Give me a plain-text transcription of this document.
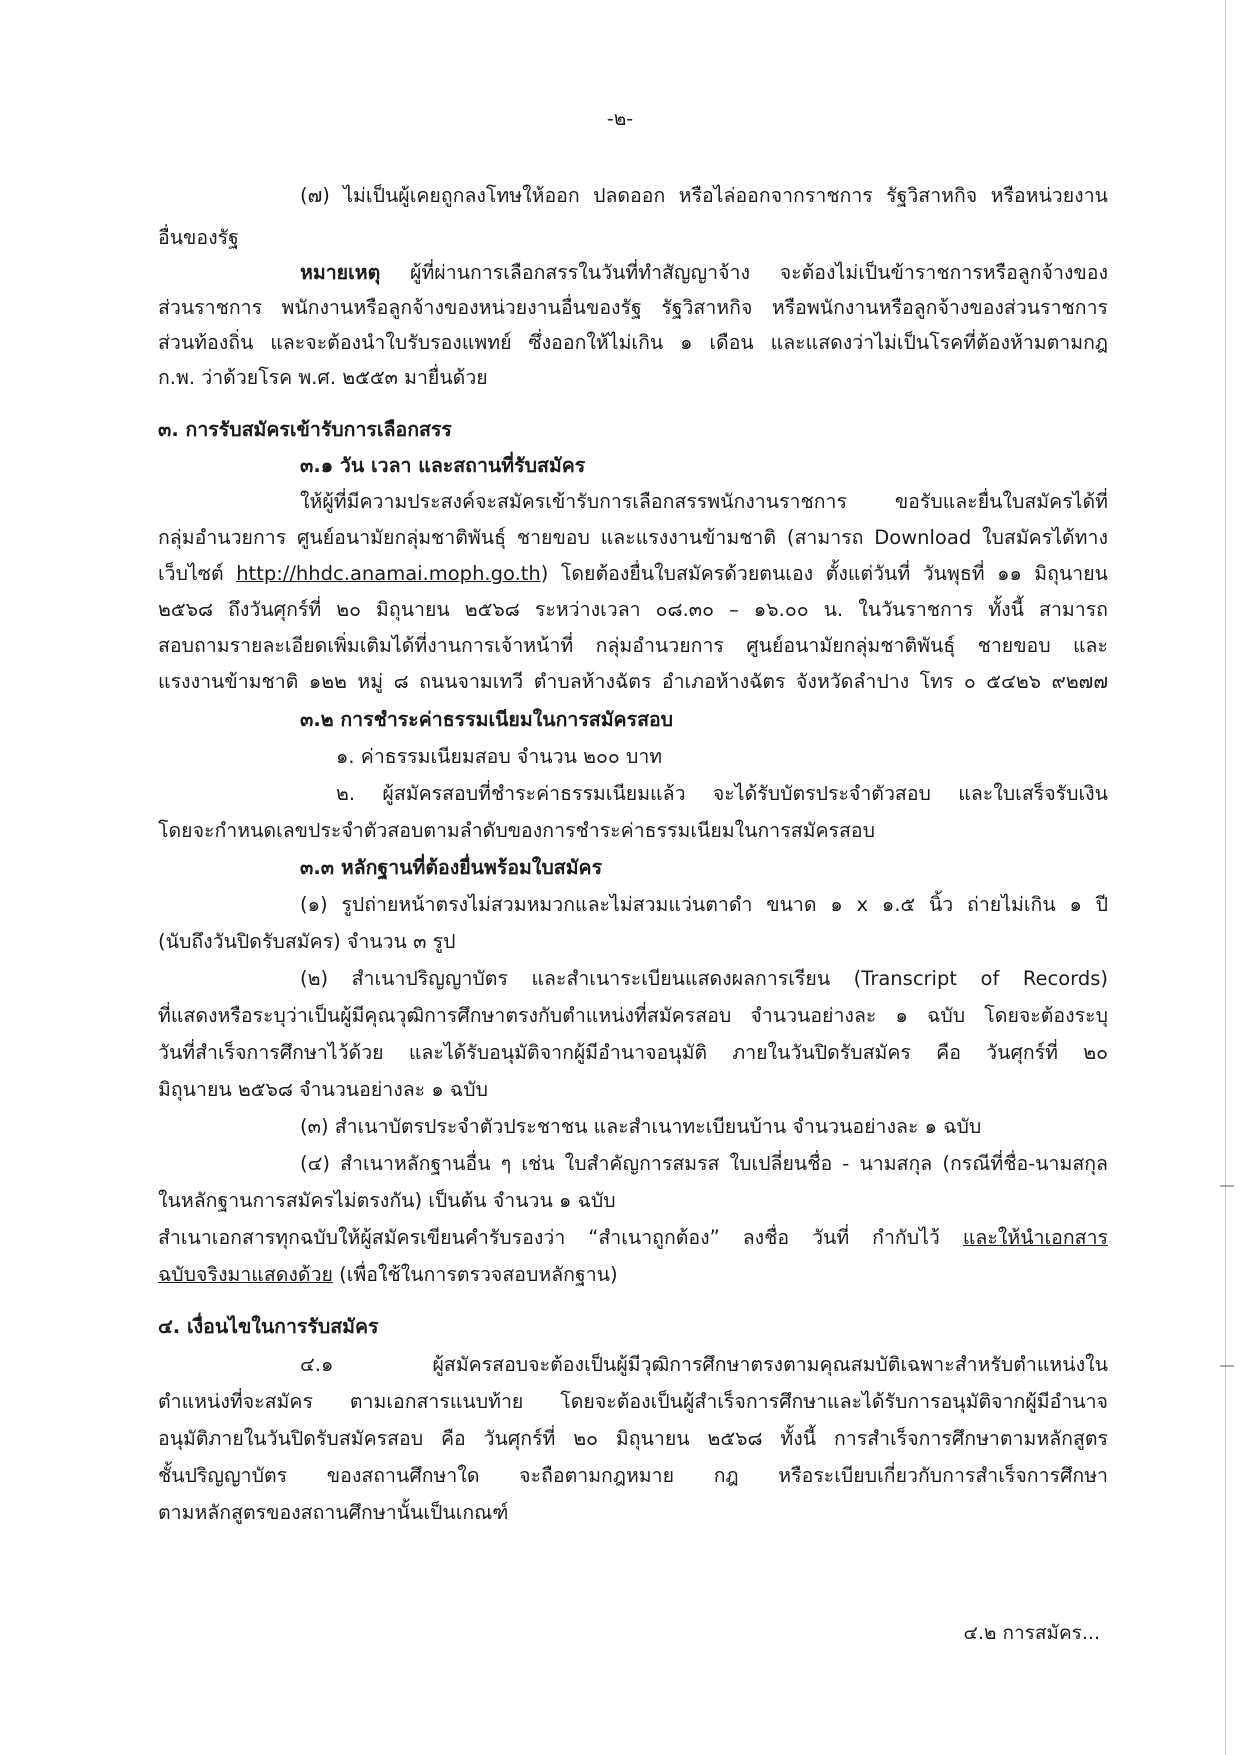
-๒-
(๗) ไม่เป็นผู้เคยถูกลงโทษให้ออก ปลดออก หรือไล่ออกจากราชการ รัฐวิสาหกิจ หรือหน่วยงาน
อื่นของรัฐ
หมายเหตุ ผู้ที่ผ่านการเลือกสรรในวันที่ทำสัญญาจ้าง จะต้องไม่เป็นข้าราชการหรือลูกจ้างของ
ส่วนราชการ พนักงานหรือลูกจ้างของหน่วยงานอื่นของรัฐ รัฐวิสาหกิจ หรือพนักงานหรือลูกจ้างของส่วนราชการ
ส่วนท้องถิ่น และจะต้องนำใบรับรองแพทย์ ซึ่งออกให้ไม่เกิน ๑ เดือน และแสดงว่าไม่เป็นโรคที่ต้องห้ามตามกฎ
ก.พ. ว่าด้วยโรค พ.ศ. ๒๕๕๓ มายื่นด้วย
๓. การรับสมัครเข้ารับการเลือกสรร
๓.๑ วัน เวลา และสถานที่รับสมัคร
ให้ผู้ที่มีความประสงค์จะสมัครเข้ารับการเลือกสรรพนักงานราชการ ขอรับและยื่นใบสมัครได้ที่
กลุ่มอำนวยการ ศูนย์อนามัยกลุ่มชาติพันธุ์ ชายขอบ และแรงงานข้ามชาติ (สามารถ Download ใบสมัครได้ทาง
เว็บไซต์ http://hhdc.anamai.moph.go.th) โดยต้องยื่นใบสมัครด้วยตนเอง ตั้งแต่วันที่ วันพุธที่ ๑๑ มิถุนายน
๒๕๖๘ ถึงวันศุกร์ที่ ๒๐ มิถุนายน ๒๕๖๘ ระหว่างเวลา ๐๘.๓๐ – ๑๖.๐๐ น. ในวันราชการ ทั้งนี้ สามารถ
สอบถามรายละเอียดเพิ่มเติมได้ที่งานการเจ้าหน้าที่ กลุ่มอำนวยการ ศูนย์อนามัยกลุ่มชาติพันธุ์ ชายขอบ และ
แรงงานข้ามชาติ ๑๒๒ หมู่ ๘ ถนนจามเทวี ตำบลห้างฉัตร อำเภอห้างฉัตร จังหวัดลำปาง โทร ๐ ๕๔๒๖ ๙๒๗๗
๓.๒ การชำระค่าธรรมเนียมในการสมัครสอบ
๑. ค่าธรรมเนียมสอบ จำนวน ๒๐๐ บาท
๒. ผู้สมัครสอบที่ชำระค่าธรรมเนียมแล้ว จะได้รับบัตรประจำตัวสอบ และใบเสร็จรับเงิน
โดยจะกำหนดเลขประจำตัวสอบตามลำดับของการชำระค่าธรรมเนียมในการสมัครสอบ
๓.๓ หลักฐานที่ต้องยื่นพร้อมใบสมัคร
(๑) รูปถ่ายหน้าตรงไม่สวมหมวกและไม่สวมแว่นตาดำ ขนาด ๑ x ๑.๕ นิ้ว ถ่ายไม่เกิน ๑ ปี
(นับถึงวันปิดรับสมัคร) จำนวน ๓ รูป
(๒) สำเนาปริญญาบัตร และสำเนาระเบียนแสดงผลการเรียน (Transcript of Records)
ที่แสดงหรือระบุว่าเป็นผู้มีคุณวุฒิการศึกษาตรงกับตำแหน่งที่สมัครสอบ จำนวนอย่างละ ๑ ฉบับ โดยจะต้องระบุ
วันที่สำเร็จการศึกษาไว้ด้วย และได้รับอนุมัติจากผู้มีอำนาจอนุมัติ ภายในวันปิดรับสมัคร คือ วันศุกร์ที่ ๒๐
มิถุนายน ๒๕๖๘ จำนวนอย่างละ ๑ ฉบับ
(๓) สำเนาบัตรประจำตัวประชาชน และสำเนาทะเบียนบ้าน จำนวนอย่างละ ๑ ฉบับ
(๔) สำเนาหลักฐานอื่น ๆ เช่น ใบสำคัญการสมรส ใบเปลี่ยนชื่อ - นามสกุล (กรณีที่ชื่อ-นามสกุล
ในหลักฐานการสมัครไม่ตรงกัน) เป็นต้น จำนวน ๑ ฉบับ
สำเนาเอกสารทุกฉบับให้ผู้สมัครเขียนคำรับรองว่า “สำเนาถูกต้อง” ลงชื่อ วันที่ กำกับไว้ และให้นำเอกสาร
ฉบับจริงมาแสดงด้วย (เพื่อใช้ในการตรวจสอบหลักฐาน)
๔. เงื่อนไขในการรับสมัคร
๔.๑ ผู้สมัครสอบจะต้องเป็นผู้มีวุฒิการศึกษาตรงตามคุณสมบัติเฉพาะสำหรับตำแหน่งใน
ตำแหน่งที่จะสมัคร ตามเอกสารแนบท้าย โดยจะต้องเป็นผู้สำเร็จการศึกษาและได้รับการอนุมัติจากผู้มีอำนาจ
อนุมัติภายในวันปิดรับสมัครสอบ คือ วันศุกร์ที่ ๒๐ มิถุนายน ๒๕๖๘ ทั้งนี้ การสำเร็จการศึกษาตามหลักสูตร
ชั้นปริญญาบัตร ของสถานศึกษาใด จะถือตามกฎหมาย กฎ หรือระเบียบเกี่ยวกับการสำเร็จการศึกษา
ตามหลักสูตรของสถานศึกษานั้นเป็นเกณฑ์
๔.๒ การสมัคร...
